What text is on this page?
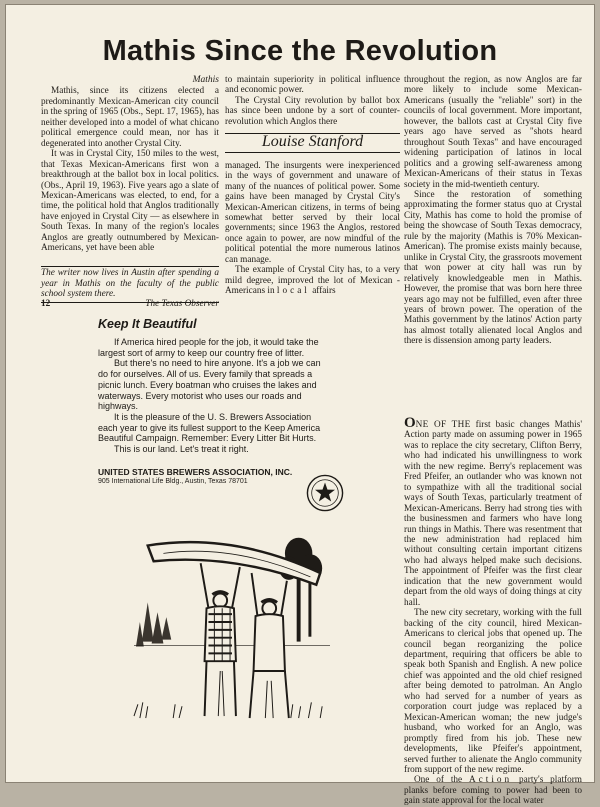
Mathis Since the Revolution
Mathis

Mathis, since its citizens elected a predominantly Mexican-American city council in the spring of 1965 (Obs., Sept. 17, 1965), has neither developed into a model of what chicano political emergence could mean, nor has it degenerated into another Crystal City.

It was in Crystal City, 150 miles to the west, that Texas Mexican-Americans first won a breakthrough at the ballot box in local politics. (Obs., April 19, 1963). Five years ago a slate of Mexican-Americans was elected, to end, for a time, the political hold that Anglos traditionally have enjoyed in Crystal City — as elsewhere in South Texas. In many of the region's locales Anglos are greatly outnumbered by Mexican-Americans, yet have been able

The writer now lives in Austin after spending a year in Mathis on the faculty of the public school system there.
12	The Texas Observer

to maintain superiority in political influence and economic power.

The Crystal City revolution by ballot box has since been undone by a sort of counter-revolution which Anglos there

Louise Stanford

managed. The insurgents were inexperienced in the ways of government and unaware of many of the nuances of political power. Some gains have been managed by Crystal City's Mexican-American citizens, in terms of being somewhat better served by their local governments; since 1963 the Anglos, restored once again to power, are now mindful of the political potential the more numerous latinos can manage.

The example of Crystal City has, to a very mild degree, improved the lot of Mexican - Americans in local affairs

throughout the region, as now Anglos are far more likely to include some Mexican-Americans (usually the "reliable" sort) in the councils of local government. More important, however, the ballots cast at Crystal City five years ago have served as "shots heard throughout South Texas" and have encouraged widening participation of latinos in local politics and a growing self-awareness among Mexican-Americans of their status in Texas society in the mid-twentieth century.

Since the restoration of something approximating the former status quo at Crystal City, Mathis has come to hold the promise of being the showcase of South Texas democracy, rule by the majority (Mathis is 70% Mexican-American). The promise exists mainly because, unlike in Crystal City, the grassroots movement that won power at city hall was run by relatively knowledgeable men in Mathis. However, the promise that was born here three years ago may not be fulfilled, even after three years of brown power. The operation of the Mathis government by the latinos' Action party has almost totally alienated local Anglos and there is dissension among party leaders.

ONE OF THE first basic changes Mathis' Action party made on assuming power in 1965 was to replace the city secretary, Clifton Berry, who had indicated his unwillingness to work with the new regime. Berry's replacement was Fred Pfeifer, an outlander who was known not to sympathize with all the traditional social ways of South Texas, particularly treatment of Mexican-Americans. Berry had strong ties with the businessmen and farmers who have long run things in Mathis. There was resentment that the new administration had replaced him without consulting certain important citizens who had always helped make such decisions. The appointment of Pfeifer was the first clear indication that the new government would depart from the old ways of doing things at city hall.

The new city secretary, working with the full backing of the city council, hired Mexican-Americans to clerical jobs that opened up. The council began reorganizing the police department, requiring that officers be able to speak both Spanish and English. A new police chief was appointed and the old chief resigned after being demoted to patrolman. An Anglo who had served for a number of years as corporation court judge was replaced by a Mexican-American woman; the new judge's husband, who worked for an Anglo, was promptly fired from his job. These new developments, like Pfeifer's appointment, served further to alienate the Anglo community from support of the new regime.

One of the Action party's platform planks before coming to power had been to gain state approval for the local water

Keep It Beautiful

If America hired people for the job, it would take the largest sort of army to keep our country free of litter.

But there's no need to hire anyone. It's a job we can do for ourselves. All of us. Every family that spreads a picnic lunch. Every boatman who cruises the lakes and waterways. Every motorist who uses our roads and highways.

It is the pleasure of the U. S. Brewers Association each year to give its fullest support to the Keep America Beautiful Campaign. Remember: Every Litter Bit Hurts.

This is our land. Let's treat it right.

UNITED STATES BREWERS ASSOCIATION, INC.
905 International Life Bldg., Austin, Texas 78701
